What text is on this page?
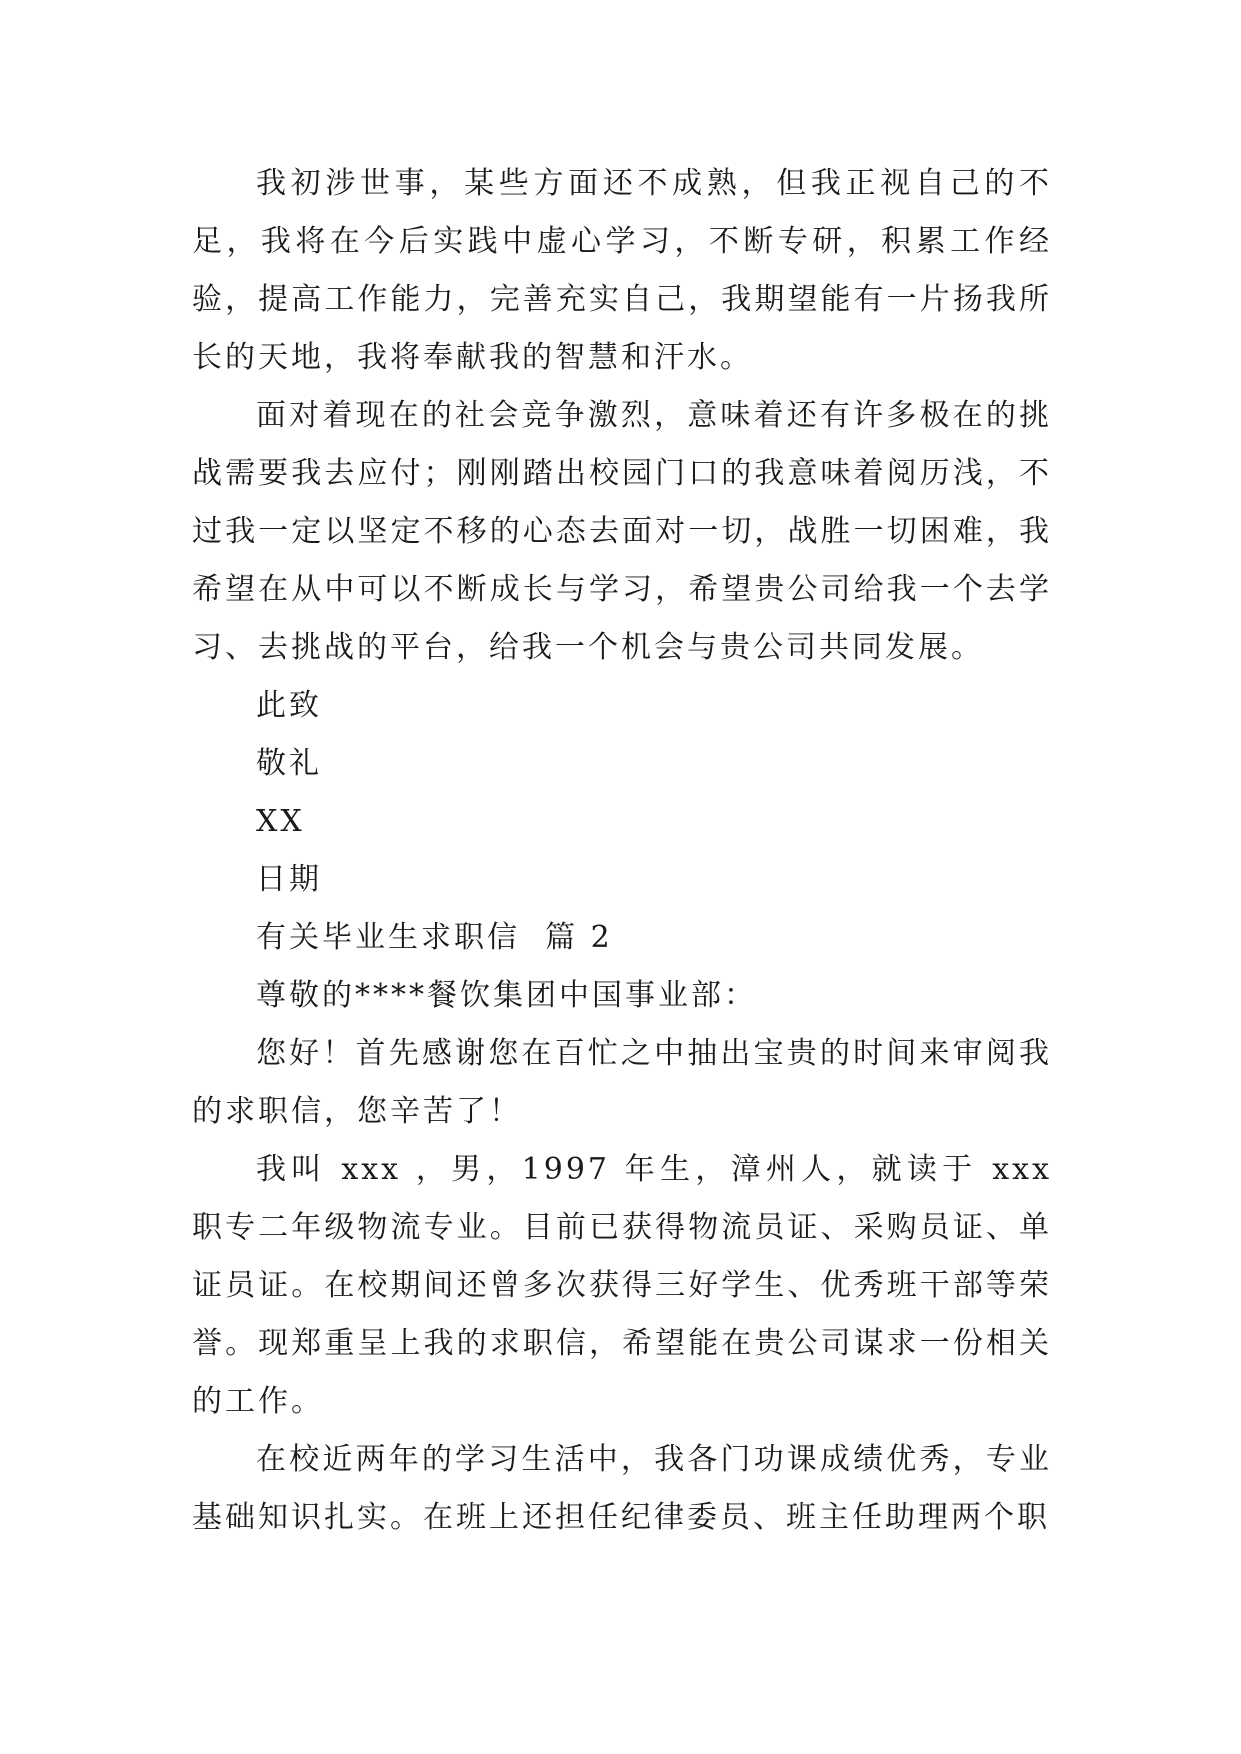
我初涉世事，某些方面还不成熟，但我正视自己的不足，我将在今后实践中虚心学习，不断专研，积累工作经验，提高工作能力，完善充实自己，我期望能有一片扬我所长的天地，我将奉献我的智慧和汗水。

面对着现在的社会竞争激烈，意味着还有许多极在的挑战需要我去应付；刚刚踏出校园门口的我意味着阅历浅，不过我一定以坚定不移的心态去面对一切，战胜一切困难，我希望在从中可以不断成长与学习，希望贵公司给我一个去学习、去挑战的平台，给我一个机会与贵公司共同发展。

此致

敬礼

XX

日期

有关毕业生求职信  篇 2

尊敬的****餐饮集团中国事业部：

您好！首先感谢您在百忙之中抽出宝贵的时间来审阅我的求职信，您辛苦了！

我叫 xxx ，男，1997 年生，漳州人，就读于 xxx 职专二年级物流专业。目前已获得物流员证、采购员证、单证员证。在校期间还曾多次获得三好学生、优秀班干部等荣誉。现郑重呈上我的求职信，希望能在贵公司谋求一份相关的工作。

在校近两年的学习生活中，我各门功课成绩优秀，专业基础知识扎实。在班上还担任纪律委员、班主任助理两个职
